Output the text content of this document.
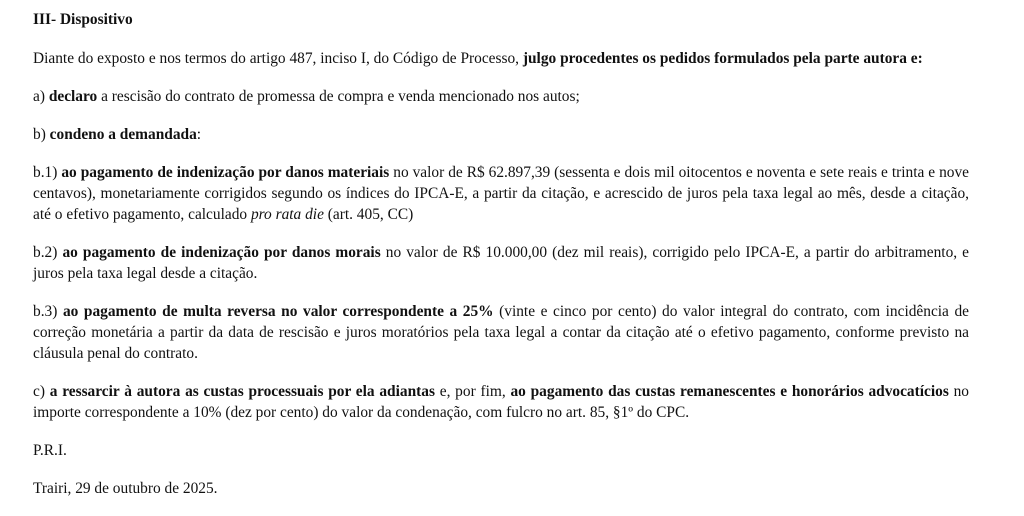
III- Dispositivo

Diante do exposto e nos termos do artigo 487, inciso I, do Código de Processo, julgo procedentes os pedidos formulados pela parte autora e:

a) declaro a rescisão do contrato de promessa de compra e venda mencionado nos autos;

b) condeno a demandada:

b.1) ao pagamento de indenização por danos materiais no valor de R$ 62.897,39 (sessenta e dois mil oitocentos e noventa e sete reais e trinta e nove centavos), monetariamente corrigidos segundo os índices do IPCA-E, a partir da citação, e acrescido de juros pela taxa legal ao mês, desde a citação, até o efetivo pagamento, calculado pro rata die (art. 405, CC)

b.2) ao pagamento de indenização por danos morais no valor de R$ 10.000,00 (dez mil reais), corrigido pelo IPCA-E, a partir do arbitramento, e juros pela taxa legal desde a citação.

b.3) ao pagamento de multa reversa no valor correspondente a 25% (vinte e cinco por cento) do valor integral do contrato, com incidência de correção monetária a partir da data de rescisão e juros moratórios pela taxa legal a contar da citação até o efetivo pagamento, conforme previsto na cláusula penal do contrato.

c) a ressarcir à autora as custas processuais por ela adiantas e, por fim, ao pagamento das custas remanescentes e honorários advocatícios no importe correspondente a 10% (dez por cento) do valor da condenação, com fulcro no art. 85, §1º do CPC.

P.R.I.

Trairi, 29 de outubro de 2025.
